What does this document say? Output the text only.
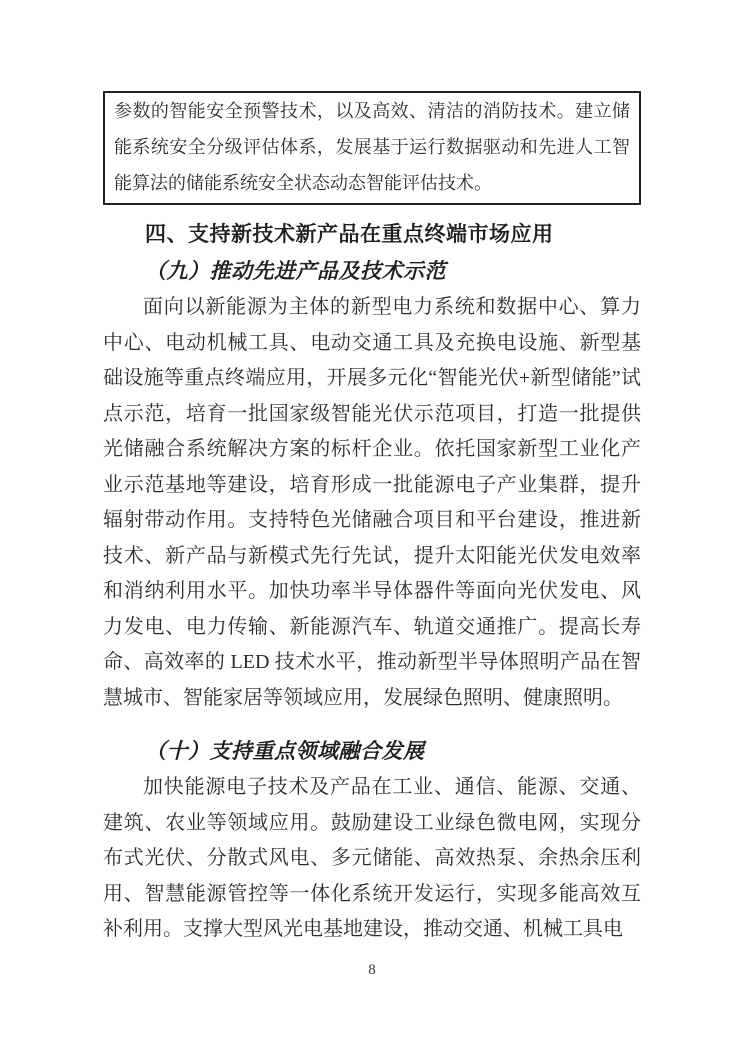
参数的智能安全预警技术，以及高效、清洁的消防技术。建立储能系统安全分级评估体系，发展基于运行数据驱动和先进人工智能算法的储能系统安全状态动态智能评估技术。

四、支持新技术新产品在重点终端市场应用
（九）推动先进产品及技术示范

面向以新能源为主体的新型电力系统和数据中心、算力中心、电动机械工具、电动交通工具及充换电设施、新型基础设施等重点终端应用，开展多元化“智能光伏+新型储能”试点示范，培育一批国家级智能光伏示范项目，打造一批提供光储融合系统解决方案的标杆企业。依托国家新型工业化产业示范基地等建设，培育形成一批能源电子产业集群，提升辐射带动作用。支持特色光储融合项目和平台建设，推进新技术、新产品与新模式先行先试，提升太阳能光伏发电效率和消纳利用水平。加快功率半导体器件等面向光伏发电、风力发电、电力传输、新能源汽车、轨道交通推广。提高长寿命、高效率的 LED 技术水平，推动新型半导体照明产品在智慧城市、智能家居等领域应用，发展绿色照明、健康照明。

（十）支持重点领域融合发展

加快能源电子技术及产品在工业、通信、能源、交通、建筑、农业等领域应用。鼓励建设工业绿色微电网，实现分布式光伏、分散式风电、多元储能、高效热泵、余热余压利用、智慧能源管控等一体化系统开发运行，实现多能高效互补利用。支撑大型风光电基地建设，推动交通、机械工具电

8
